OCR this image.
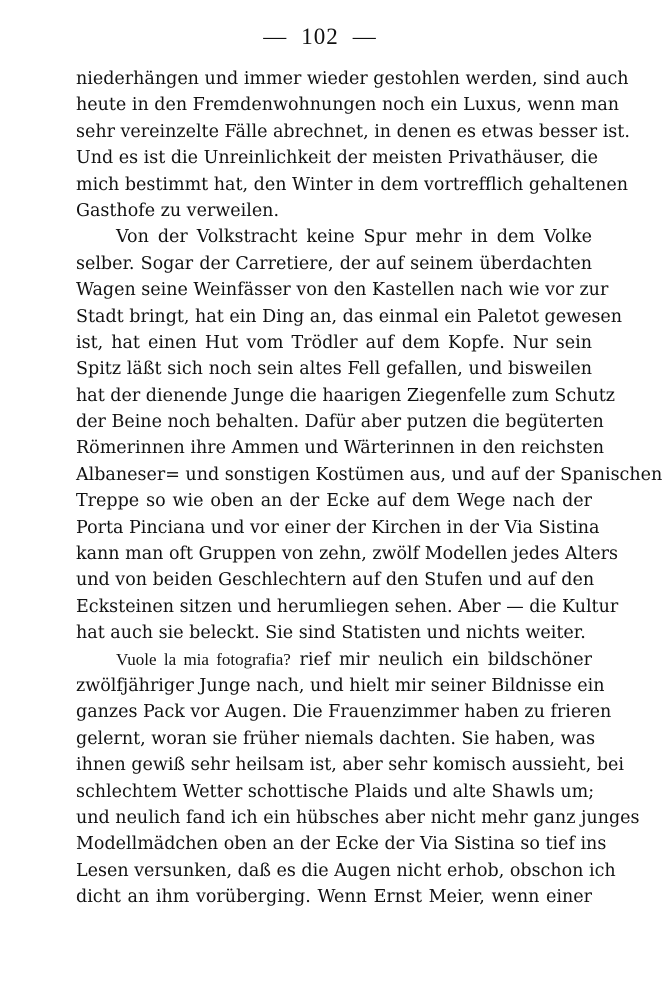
— 102 —
niederhängen und immer wieder gestohlen werden, sind auch
heute in den Fremdenwohnungen noch ein Luxus, wenn man
sehr vereinzelte Fälle abrechnet, in denen es etwas besser ist.
Und es ist die Unreinlichkeit der meisten Privathäuser, die
mich bestimmt hat, den Winter in dem vortrefflich gehaltenen
Gasthofe zu verweilen.
Von der Volkstracht keine Spur mehr in dem Volke
selber. Sogar der Carretiere, der auf seinem überdachten
Wagen seine Weinfässer von den Kastellen nach wie vor zur
Stadt bringt, hat ein Ding an, das einmal ein Paletot gewesen
ist, hat einen Hut vom Trödler auf dem Kopfe. Nur sein
Spitz läßt sich noch sein altes Fell gefallen, und bisweilen
hat der dienende Junge die haarigen Ziegenfelle zum Schutz
der Beine noch behalten. Dafür aber putzen die begüterten
Römerinnen ihre Ammen und Wärterinnen in den reichsten
Albaneser= und sonstigen Kostümen aus, und auf der Spanischen
Treppe so wie oben an der Ecke auf dem Wege nach der
Porta Pinciana und vor einer der Kirchen in der Via Sistina
kann man oft Gruppen von zehn, zwölf Modellen jedes Alters
und von beiden Geschlechtern auf den Stufen und auf den
Ecksteinen sitzen und herumliegen sehen. Aber — die Kultur
hat auch sie beleckt. Sie sind Statisten und nichts weiter.
Vuole la mia fotografia? rief mir neulich ein bildschöner
zwölfjähriger Junge nach, und hielt mir seiner Bildnisse ein
ganzes Pack vor Augen. Die Frauenzimmer haben zu frieren
gelernt, woran sie früher niemals dachten. Sie haben, was
ihnen gewiß sehr heilsam ist, aber sehr komisch aussieht, bei
schlechtem Wetter schottische Plaids und alte Shawls um;
und neulich fand ich ein hübsches aber nicht mehr ganz junges
Modellmädchen oben an der Ecke der Via Sistina so tief ins
Lesen versunken, daß es die Augen nicht erhob, obschon ich
dicht an ihm vorüberging. Wenn Ernst Meier, wenn einer
